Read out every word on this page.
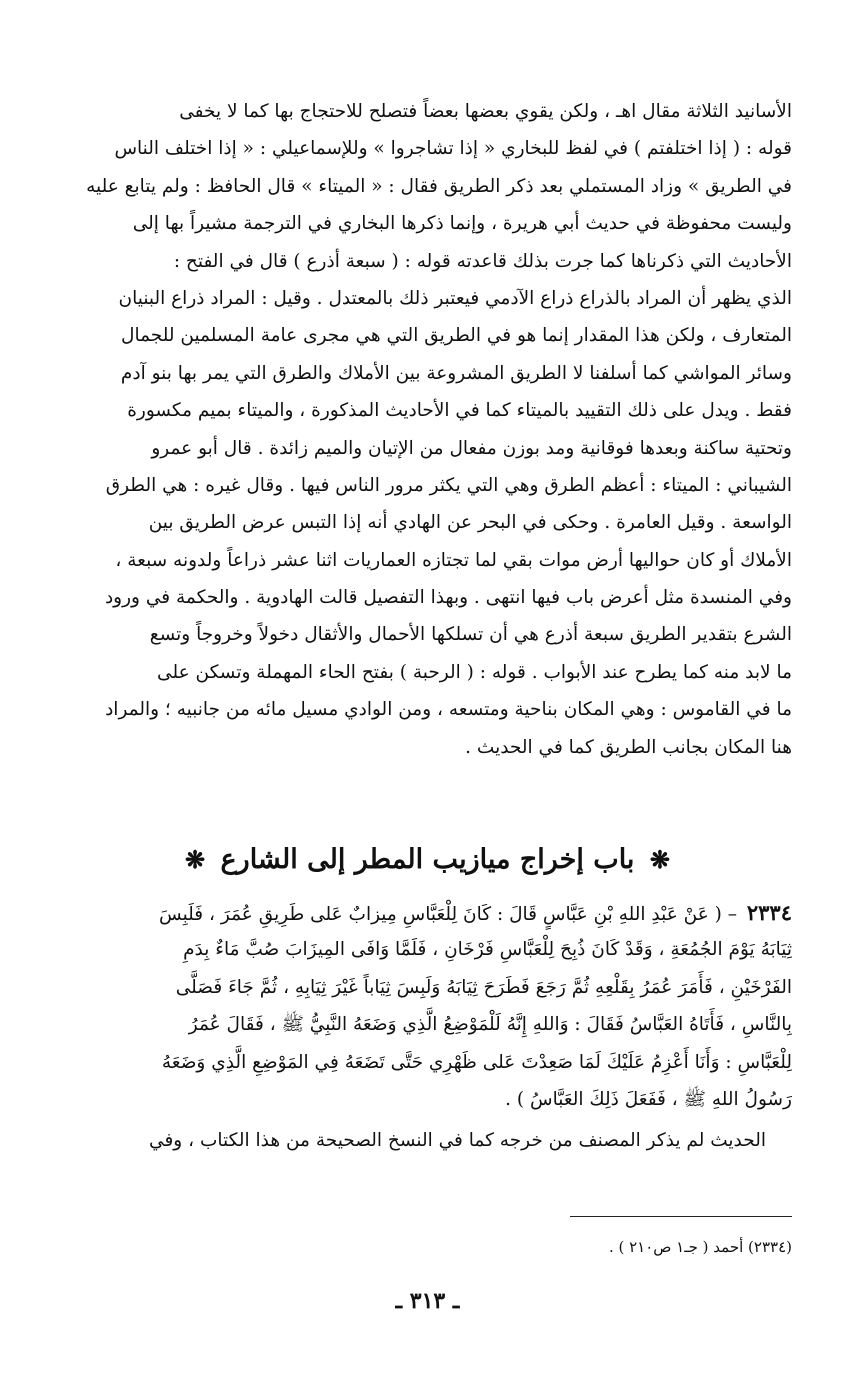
الأسانيد الثلاثة مقال اهـ ، ولكن يقوي بعضها بعضاً فتصلح للاحتجاج بها كما لا يخفى
قوله : ( إذا اختلفتم ) في لفظ للبخاري « إذا تشاجروا » وللإسماعيلي : « إذا اختلف الناس
في الطريق » وزاد المستملي بعد ذكر الطريق فقال : « الميتاء » قال الحافظ : ولم يتابع عليه
وليست محفوظة في حديث أبي هريرة ، وإنما ذكرها البخاري في الترجمة مشيراً بها إلى
الأحاديث التي ذكرناها كما جرت بذلك قاعدته قوله : ( سبعة أذرع ) قال في الفتح :
الذي يظهر أن المراد بالذراع ذراع الآدمي فيعتبر ذلك بالمعتدل . وقيل : المراد ذراع البنيان
المتعارف ، ولكن هذا المقدار إنما هو في الطريق التي هي مجرى عامة المسلمين للجمال
وسائر المواشي كما أسلفنا لا الطريق المشروعة بين الأملاك والطرق التي يمر بها بنو آدم
فقط . ويدل على ذلك التقييد بالميتاء كما في الأحاديث المذكورة ، والميتاء بميم مكسورة
وتحتية ساكنة وبعدها فوقانية ومد بوزن مفعال من الإتيان والميم زائدة . قال أبو عمرو
الشيباني : الميتاء : أعظم الطرق وهي التي يكثر مرور الناس فيها . وقال غيره : هي الطرق
الواسعة . وقيل العامرة . وحكى في البحر عن الهادي أنه إذا التبس عرض الطريق بين
الأملاك أو كان حواليها أرض موات بقي لما تجتازه العماريات اثنا عشر ذراعاً ولدونه سبعة ،
وفي المنسدة مثل أعرض باب فيها انتهى . وبهذا التفصيل قالت الهادوية . والحكمة في ورود
الشرع بتقدير الطريق سبعة أذرع هي أن تسلكها الأحمال والأثقال دخولاً وخروجاً وتسع
ما لابد منه كما يطرح عند الأبواب . قوله : ( الرحبة ) بفتح الحاء المهملة وتسكن على
ما في القاموس : وهي المكان بناحية ومتسعه ، ومن الوادي مسيل مائه من جانبيه ؛ والمراد
هنا المكان بجانب الطريق كما في الحديث .
❋ باب إخراج ميازيب المطر إلى الشارع ❋
٢٣٣٤ – ( عَنْ عَبْدِ اللهِ بْنِ عَبَّاسٍ قَالَ : كَانَ لِلْعَبَّاسِ مِيزابٌ عَلى طَرِيقِ عُمَرَ ، فَلَبِسَ
ثِيَابَهُ يَوْمَ الجُمُعَةِ ، وَقَدْ كَانَ ذُبِحَ لِلْعَبَّاسِ فَرْخَانِ ، فَلَمَّا وَافَى المِيزَابَ صُبَّ مَاءٌ بِدَمِ
الفَرْخَيْنِ ، فَأَمَرَ عُمَرُ بِقَلْعِهِ ثُمَّ رَجَعَ فَطَرَحَ ثِيَابَهُ وَلَبِسَ ثِيَاباً غَيْرَ ثِيَابِهِ ، ثُمَّ جَاءَ فَصَلَّى
بِالنَّاسِ ، فَأَتَاهُ العَبَّاسُ فَقَالَ : وَاللهِ إِنَّهُ لَلْمَوْضِعُ الَّذِي وَضَعَهُ النَّبِيُّ ﷺ ، فَقَالَ عُمَرُ
لِلْعَبَّاسِ : وَأَنَا أَعْزِمُ عَلَيْكَ لَمَا صَعِدْتَ عَلى ظَهْرِي حَتَّى تَضَعَهُ فِي المَوْضِعِ الَّذِي وَضَعَهُ
رَسُولُ اللهِ ﷺ ، فَفَعَلَ ذَلِكَ العَبَّاسُ ) .
الحديث لم يذكر المصنف من خرجه كما في النسخ الصحيحة من هذا الكتاب ، وفي
(٢٣٣٤) أحمد ( جـ١ ص٢١٠ ) .
ـ ٣١٣ ـ
